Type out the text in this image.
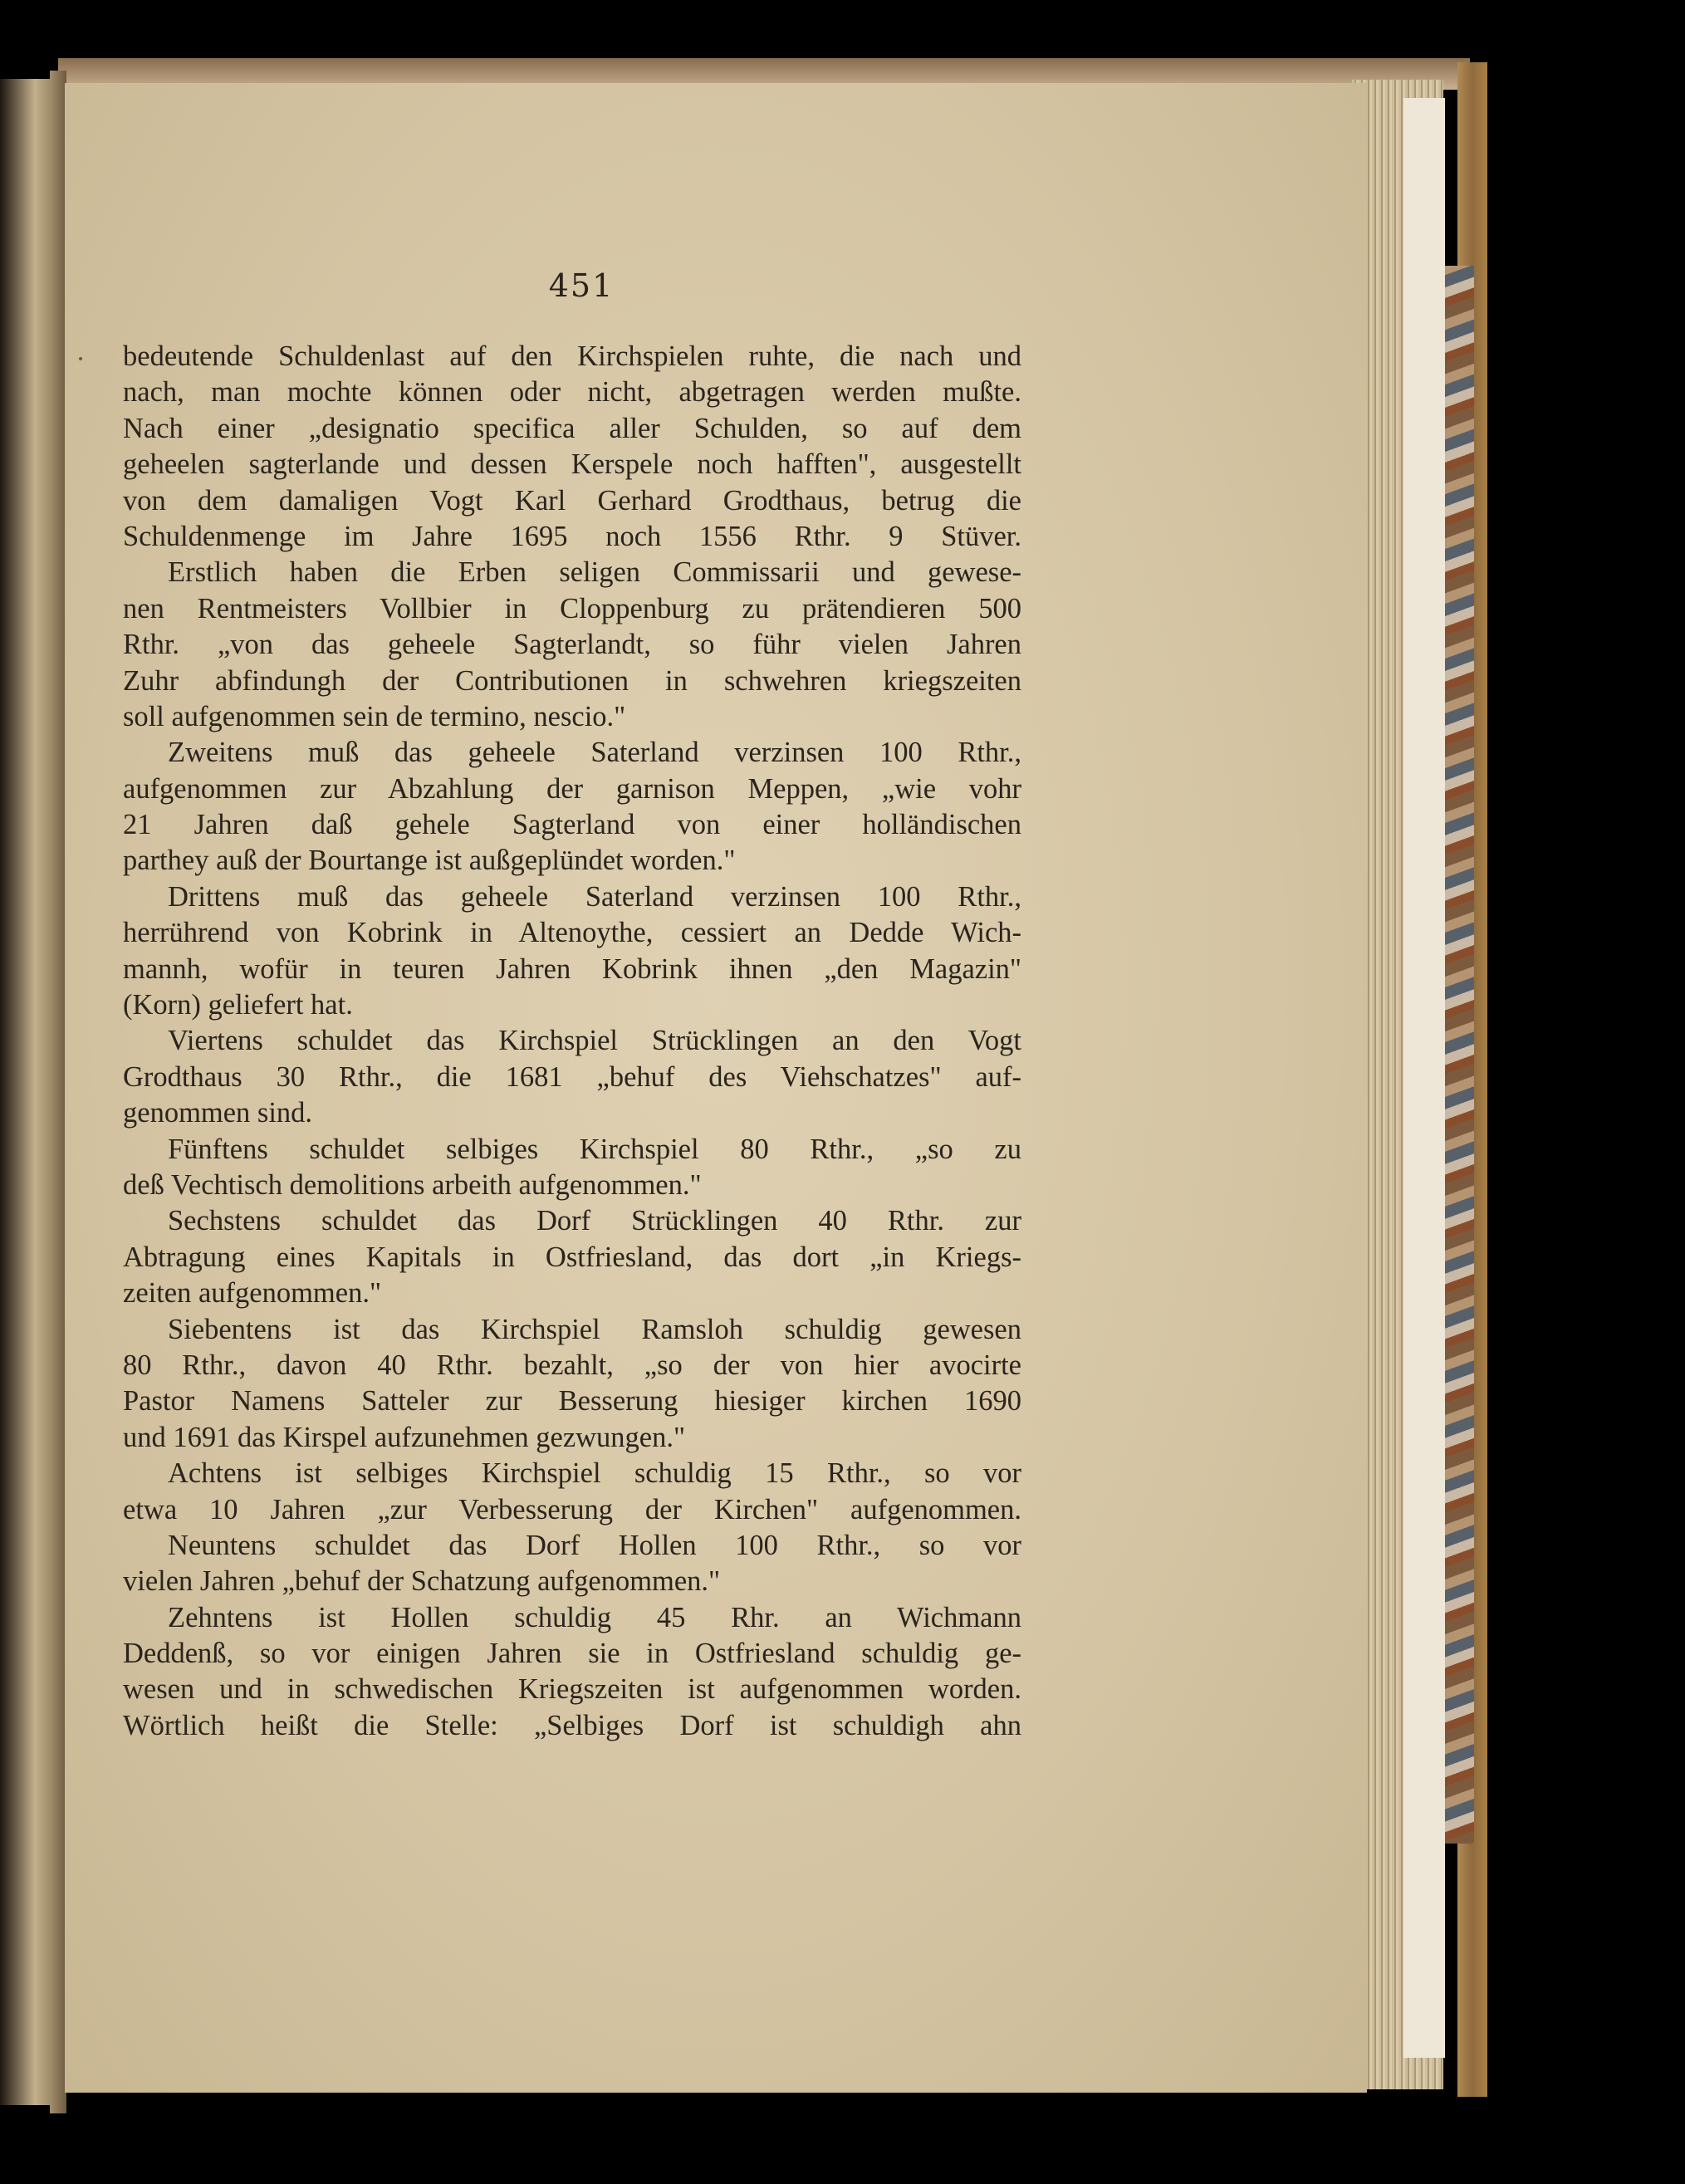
451
bedeutende Schuldenlast auf den Kirchspielen ruhte, die nach und
nach, man mochte können oder nicht, abgetragen werden mußte.
Nach einer „designatio specifica aller Schulden, so auf dem
geheelen sagterlande und dessen Kerspele noch hafften", ausgestellt
von dem damaligen Vogt Karl Gerhard Grodthaus, betrug die
Schuldenmenge im Jahre 1695 noch 1556 Rthr. 9 Stüver.
Erstlich haben die Erben seligen Commissarii und gewese-
nen Rentmeisters Vollbier in Cloppenburg zu prätendieren 500
Rthr. „von das geheele Sagterlandt, so führ vielen Jahren
Zuhr abfindungh der Contributionen in schwehren kriegszeiten
soll aufgenommen sein de termino, nescio."
Zweitens muß das geheele Saterland verzinsen 100 Rthr.,
aufgenommen zur Abzahlung der garnison Meppen, „wie vohr
21 Jahren daß gehele Sagterland von einer holländischen
parthey auß der Bourtange ist außgeplündet worden."
Drittens muß das geheele Saterland verzinsen 100 Rthr.,
herrührend von Kobrink in Altenoythe, cessiert an Dedde Wich-
mannh, wofür in teuren Jahren Kobrink ihnen „den Magazin"
(Korn) geliefert hat.
Viertens schuldet das Kirchspiel Strücklingen an den Vogt
Grodthaus 30 Rthr., die 1681 „behuf des Viehschatzes" auf-
genommen sind.
Fünftens schuldet selbiges Kirchspiel 80 Rthr., „so zu
deß Vechtisch demolitions arbeith aufgenommen."
Sechstens schuldet das Dorf Strücklingen 40 Rthr. zur
Abtragung eines Kapitals in Ostfriesland, das dort „in Kriegs-
zeiten aufgenommen."
Siebentens ist das Kirchspiel Ramsloh schuldig gewesen
80 Rthr., davon 40 Rthr. bezahlt, „so der von hier avocirte
Pastor Namens Satteler zur Besserung hiesiger kirchen 1690
und 1691 das Kirspel aufzunehmen gezwungen."
Achtens ist selbiges Kirchspiel schuldig 15 Rthr., so vor
etwa 10 Jahren „zur Verbesserung der Kirchen" aufgenommen.
Neuntens schuldet das Dorf Hollen 100 Rthr., so vor
vielen Jahren „behuf der Schatzung aufgenommen."
Zehntens ist Hollen schuldig 45 Rhr. an Wichmann
Deddenß, so vor einigen Jahren sie in Ostfriesland schuldig ge-
wesen und in schwedischen Kriegszeiten ist aufgenommen worden.
Wörtlich heißt die Stelle: „Selbiges Dorf ist schuldigh ahn
